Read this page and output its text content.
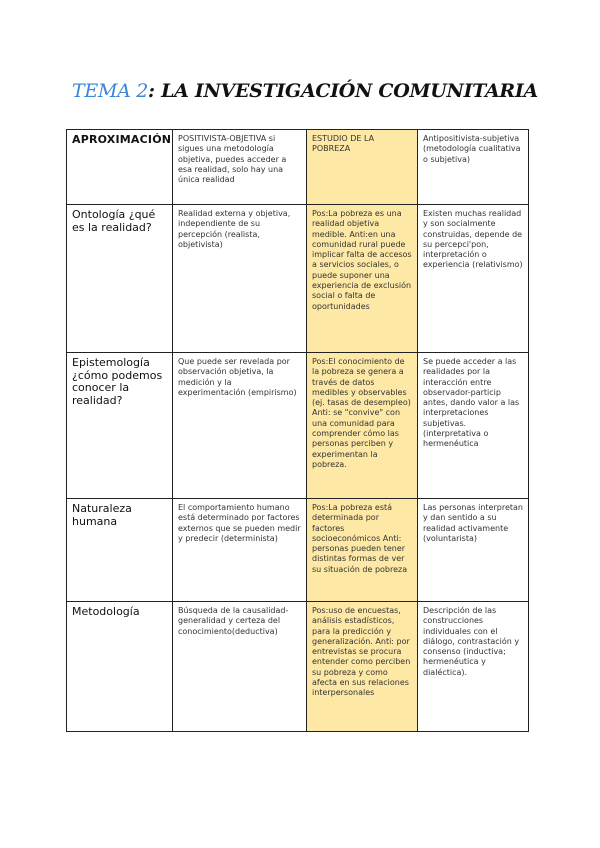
TEMA 2: LA INVESTIGACIÓN COMUNITARIA
APROXIMACIÓN	POSITIVISTA-OBJETIVA si sigues una metodología objetiva, puedes acceder a esa realidad, solo hay una única realidad	ESTUDIO DE LA POBREZA	Antipositivista-subjetiva (metodología cualitativa o subjetiva)
Ontología ¿qué es la realidad?	Realidad externa y objetiva, independiente de su percepción (realista, objetivista)	Pos:La pobreza es una realidad objetiva medible. Anti:en una comunidad rural puede implicar falta de accesos a servicios sociales, o puede suponer una experiencia de exclusión social o falta de oportunidades	Existen muchas realidad y son socialmente construidas, depende de su percepci'pon, interpretación o experiencia (relativismo)
Epistemología ¿cómo podemos conocer la realidad?	Que puede ser revelada por observación objetiva, la medición y la experimentación (empirismo)	Pos:El conocimiento de la pobreza se genera a través de datos medibles y observables (ej. tasas de desempleo) Anti: se "convive" con una comunidad para comprender cómo las personas perciben y experimentan la pobreza.	Se puede acceder a las realidades por la interacción entre observador-particip antes, dando valor a las interpretaciones subjetivas. (interpretativa o hermenéutica
Naturaleza humana	El comportamiento humano está determinado por factores externos que se pueden medir y predecir (determinista)	Pos:La pobreza está determinada por factores socioeconómicos Anti: personas pueden tener distintas formas de ver su situación de pobreza	Las personas interpretan y dan sentido a su realidad activamente (voluntarista)
Metodología	Búsqueda de la causalidad-generalidad y certeza del conocimiento(deductiva)	Pos:uso de encuestas, análisis estadísticos, para la predicción y generalización. Anti: por entrevistas se procura entender como perciben su pobreza y como afecta en sus relaciones interpersonales	Descripción de las construcciones individuales con el diálogo, contrastación y consenso (inductiva; hermenéutica y dialéctica).
